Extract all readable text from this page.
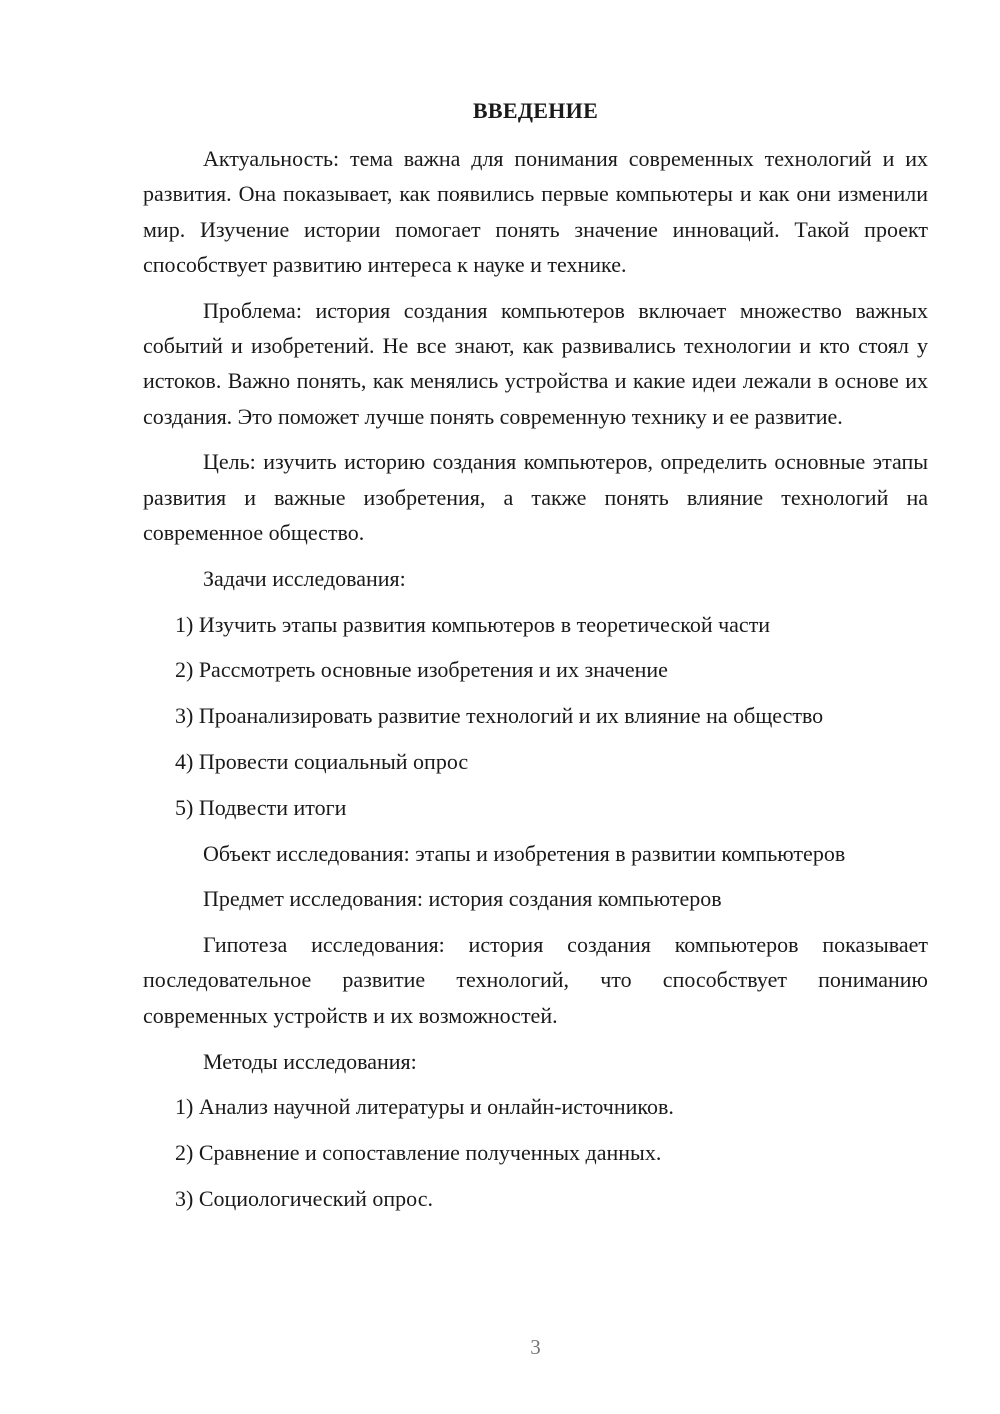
ВВЕДЕНИЕ

Актуальность: тема важна для понимания современных технологий и их развития. Она показывает, как появились первые компьютеры и как они изменили мир. Изучение истории помогает понять значение инноваций. Такой проект способствует развитию интереса к науке и технике.

Проблема: история создания компьютеров включает множество важных событий и изобретений. Не все знают, как развивались технологии и кто стоял у истоков. Важно понять, как менялись устройства и какие идеи лежали в основе их создания. Это поможет лучше понять современную технику и ее развитие.

Цель: изучить историю создания компьютеров, определить основные этапы развития и важные изобретения, а также понять влияние технологий на современное общество.

Задачи исследования:

1) Изучить этапы развития компьютеров в теоретической части

2) Рассмотреть основные изобретения и их значение

3) Проанализировать развитие технологий и их влияние на общество

4) Провести социальный опрос

5) Подвести итоги

Объект исследования: этапы и изобретения в развитии компьютеров

Предмет исследования: история создания компьютеров

Гипотеза исследования: история создания компьютеров показывает последовательное развитие технологий, что способствует пониманию современных устройств и их возможностей.

Методы исследования:

1) Анализ научной литературы и онлайн-источников.

2) Сравнение и сопоставление полученных данных.

3) Социологический опрос.

3
